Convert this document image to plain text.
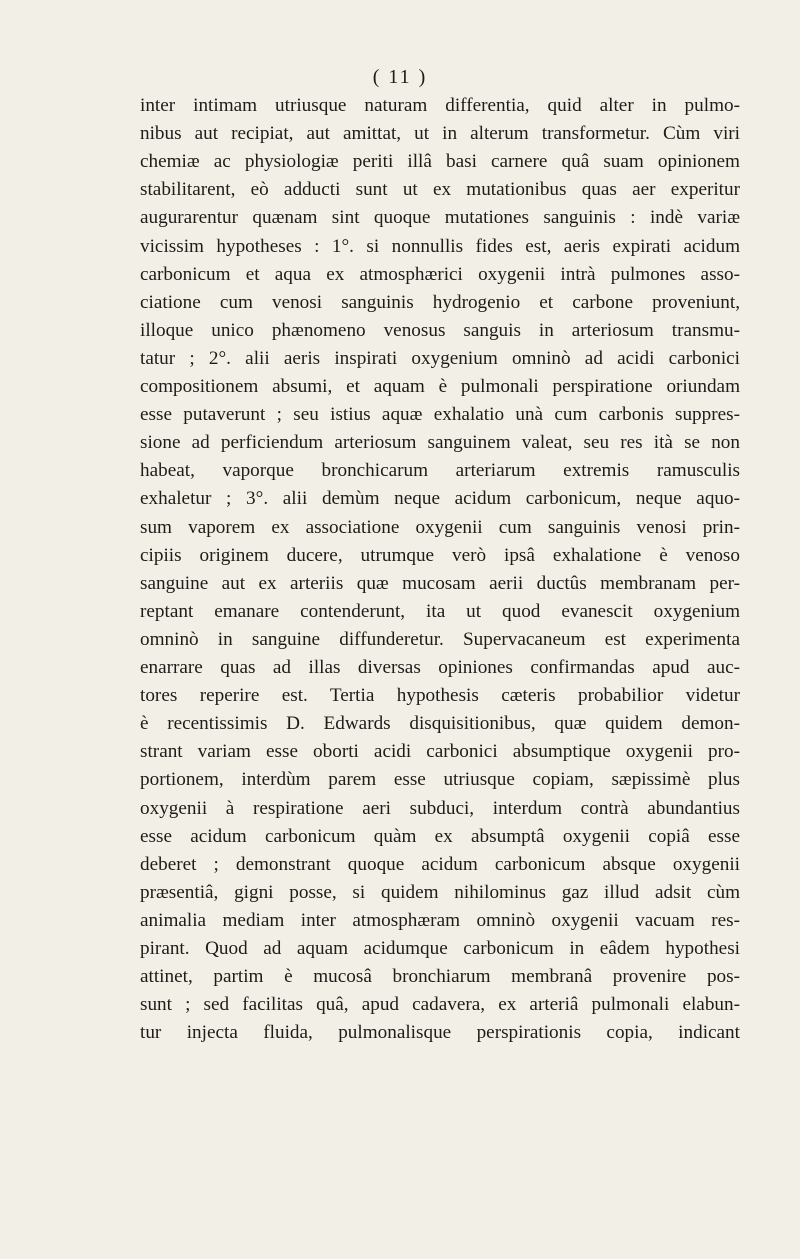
( 11 )
inter intimam utriusque naturam differentia, quid alter in pulmo-
nibus aut recipiat, aut amittat, ut in alterum transformetur. Cùm viri
chemiæ ac physiologiæ periti illâ basi carnere quâ suam opinionem
stabilitarent, eò adducti sunt ut ex mutationibus quas aer experitur
augurarentur quænam sint quoque mutationes sanguinis : indè variæ
vicissim hypotheses : 1°. si nonnullis fides est, aeris expirati acidum
carbonicum et aqua ex atmosphærici oxygenii intrà pulmones asso-
ciatione cum venosi sanguinis hydrogenio et carbone proveniunt,
illoque unico phænomeno venosus sanguis in arteriosum transmu-
tatur ; 2°. alii aeris inspirati oxygenium omninò ad acidi carbonici
compositionem absumi, et aquam è pulmonali perspiratione oriundam
esse putaverunt ; seu istius aquæ exhalatio unà cum carbonis suppres-
sione ad perficiendum arteriosum sanguinem valeat, seu res ità se non
habeat, vaporque bronchicarum arteriarum extremis ramusculis
exhaletur ; 3°. alii demùm neque acidum carbonicum, neque aquo-
sum vaporem ex associatione oxygenii cum sanguinis venosi prin-
cipiis originem ducere, utrumque verò ipsâ exhalatione è venoso
sanguine aut ex arteriis quæ mucosam aerii ductûs membranam per-
reptant emanare contenderunt, ita ut quod evanescit oxygenium
omninò in sanguine diffunderetur. Supervacaneum est experimenta
enarrare quas ad illas diversas opiniones confirmandas apud auc-
tores reperire est. Tertia hypothesis cæteris probabilior videtur
è recentissimis D. Edwards disquisitionibus, quæ quidem demon-
strant variam esse oborti acidi carbonici absumptique oxygenii pro-
portionem, interdùm parem esse utriusque copiam, sæpissimè plus
oxygenii à respiratione aeri subduci, interdum contrà abundantius
esse acidum carbonicum quàm ex absumptâ oxygenii copiâ esse
deberet ; demonstrant quoque acidum carbonicum absque oxygenii
præsentiâ, gigni posse, si quidem nihilominus gaz illud adsit cùm
animalia mediam inter atmosphæram omninò oxygenii vacuam res-
pirant. Quod ad aquam acidumque carbonicum in eâdem hypothesi
attinet, partim è mucosâ bronchiarum membranâ provenire pos-
sunt ; sed facilitas quâ, apud cadavera, ex arteriâ pulmonali elabun-
tur injecta fluida, pulmonalisque perspirationis copia, indicant
